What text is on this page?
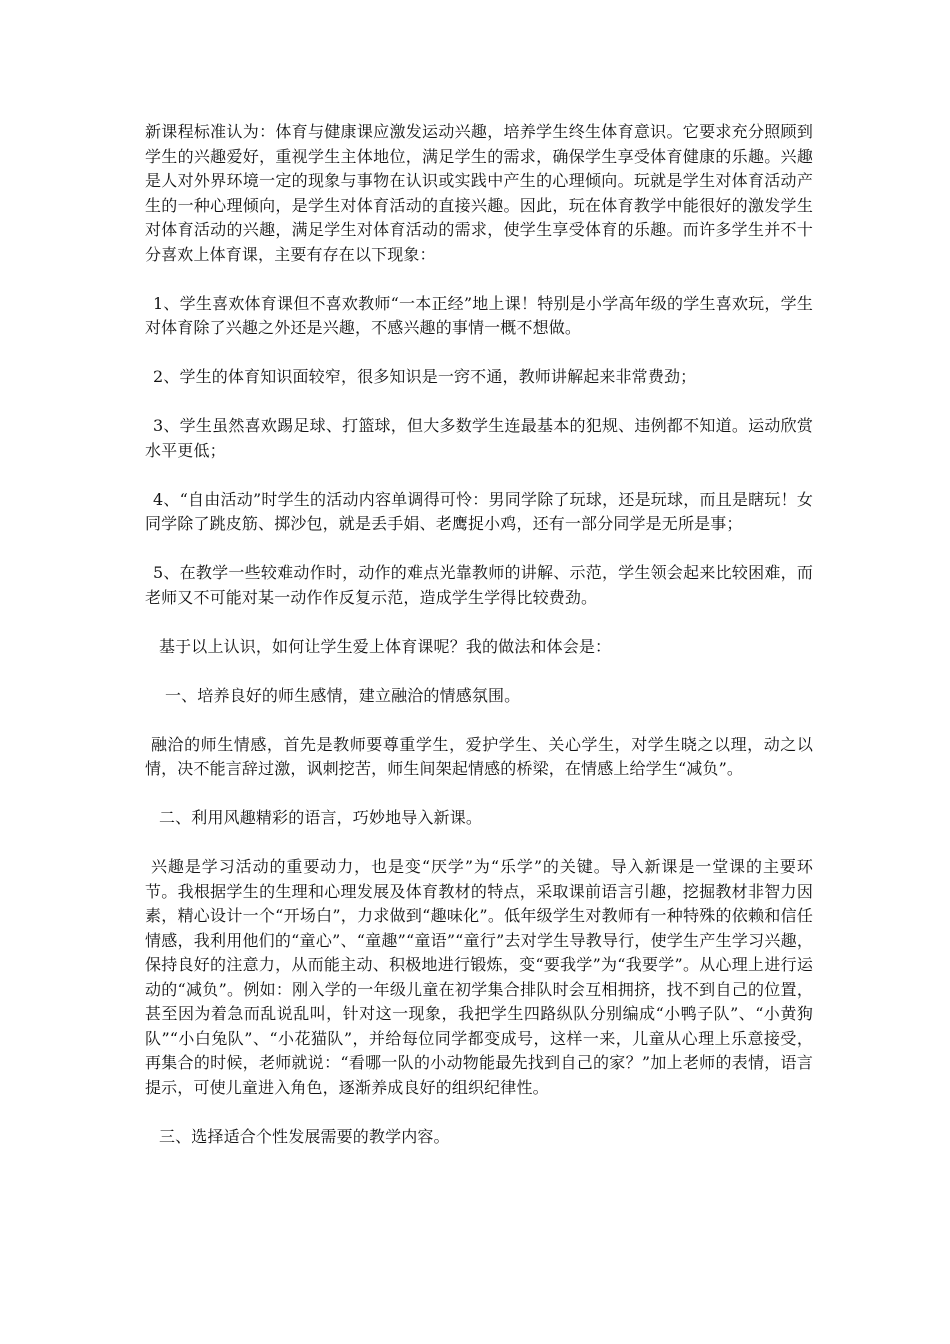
新课程标准认为：体育与健康课应激发运动兴趣，培养学生终生体育意识。它要求充分照顾到学生的兴趣爱好，重视学生主体地位，满足学生的需求，确保学生享受体育健康的乐趣。兴趣是人对外界环境一定的现象与事物在认识或实践中产生的心理倾向。玩就是学生对体育活动产生的一种心理倾向，是学生对体育活动的直接兴趣。因此，玩在体育教学中能很好的激发学生对体育活动的兴趣，满足学生对体育活动的需求，使学生享受体育的乐趣。而许多学生并不十分喜欢上体育课，主要有存在以下现象：

1、学生喜欢体育课但不喜欢教师“一本正经”地上课！特别是小学高年级的学生喜欢玩，学生对体育除了兴趣之外还是兴趣，不感兴趣的事情一概不想做。

2、学生的体育知识面较窄，很多知识是一窍不通，教师讲解起来非常费劲；

3、学生虽然喜欢踢足球、打篮球，但大多数学生连最基本的犯规、违例都不知道。运动欣赏水平更低；

4、“自由活动”时学生的活动内容单调得可怜：男同学除了玩球，还是玩球，而且是瞎玩！女同学除了跳皮筋、掷沙包，就是丢手娟、老鹰捉小鸡，还有一部分同学是无所是事；

5、在教学一些较难动作时，动作的难点光靠教师的讲解、示范，学生领会起来比较困难，而老师又不可能对某一动作作反复示范，造成学生学得比较费劲。

基于以上认识，如何让学生爱上体育课呢？我的做法和体会是：

一、培养良好的师生感情，建立融洽的情感氛围。

融洽的师生情感，首先是教师要尊重学生，爱护学生、关心学生，对学生晓之以理，动之以情，决不能言辞过激，讽刺挖苦，师生间架起情感的桥梁，在情感上给学生“减负”。

二、利用风趣精彩的语言，巧妙地导入新课。

兴趣是学习活动的重要动力，也是变“厌学”为“乐学”的关键。导入新课是一堂课的主要环节。我根据学生的生理和心理发展及体育教材的特点，采取课前语言引趣，挖掘教材非智力因素，精心设计一个“开场白”，力求做到“趣味化”。低年级学生对教师有一种特殊的依赖和信任情感，我利用他们的“童心”、“童趣”“童语”“童行”去对学生导教导行，使学生产生学习兴趣，保持良好的注意力，从而能主动、积极地进行锻炼，变“要我学”为“我要学”。从心理上进行运动的“减负”。例如：刚入学的一年级儿童在初学集合排队时会互相拥挤，找不到自己的位置，甚至因为着急而乱说乱叫，针对这一现象，我把学生四路纵队分别编成“小鸭子队”、“小黄狗队”“小白兔队”、“小花猫队”，并给每位同学都变成号，这样一来，儿童从心理上乐意接受，再集合的时候，老师就说：“看哪一队的小动物能最先找到自己的家？”加上老师的表情，语言提示，可使儿童进入角色，逐渐养成良好的组织纪律性。

三、选择适合个性发展需要的教学内容。
